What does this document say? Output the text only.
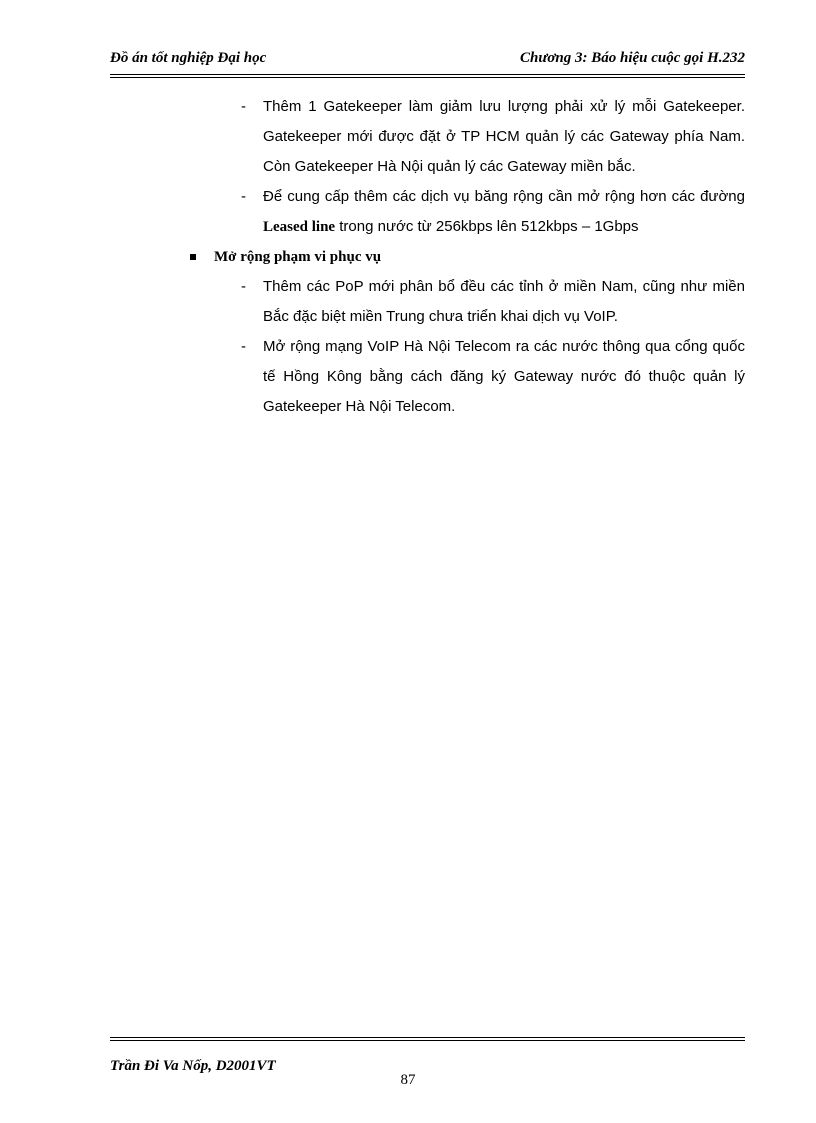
Đồ án tốt nghiệp Đại học	Chương 3: Báo hiệu cuộc gọi H.232
- Thêm 1 Gatekeeper làm giảm lưu lượng phải xử lý mỗi Gatekeeper. Gatekeeper mới được đặt ở TP HCM quản lý các Gateway phía Nam. Còn Gatekeeper Hà Nội quản lý các Gateway miền bắc.
- Để cung cấp thêm các dịch vụ băng rộng cần mở rộng hơn các đường Leased line trong nước từ 256kbps lên 512kbps – 1Gbps
Mở rộng phạm vi phục vụ
- Thêm các PoP mới phân bổ đều các tỉnh ở miền Nam, cũng như miền Bắc đặc biệt miền Trung chưa triển khai dịch vụ VoIP.
- Mở rộng mạng VoIP Hà Nội Telecom ra các nước thông qua cổng quốc tế Hồng Kông bằng cách đăng ký Gateway nước đó thuộc quản lý Gatekeeper Hà Nội Telecom.
Trần Đi Va Nốp, D2001VT
87
